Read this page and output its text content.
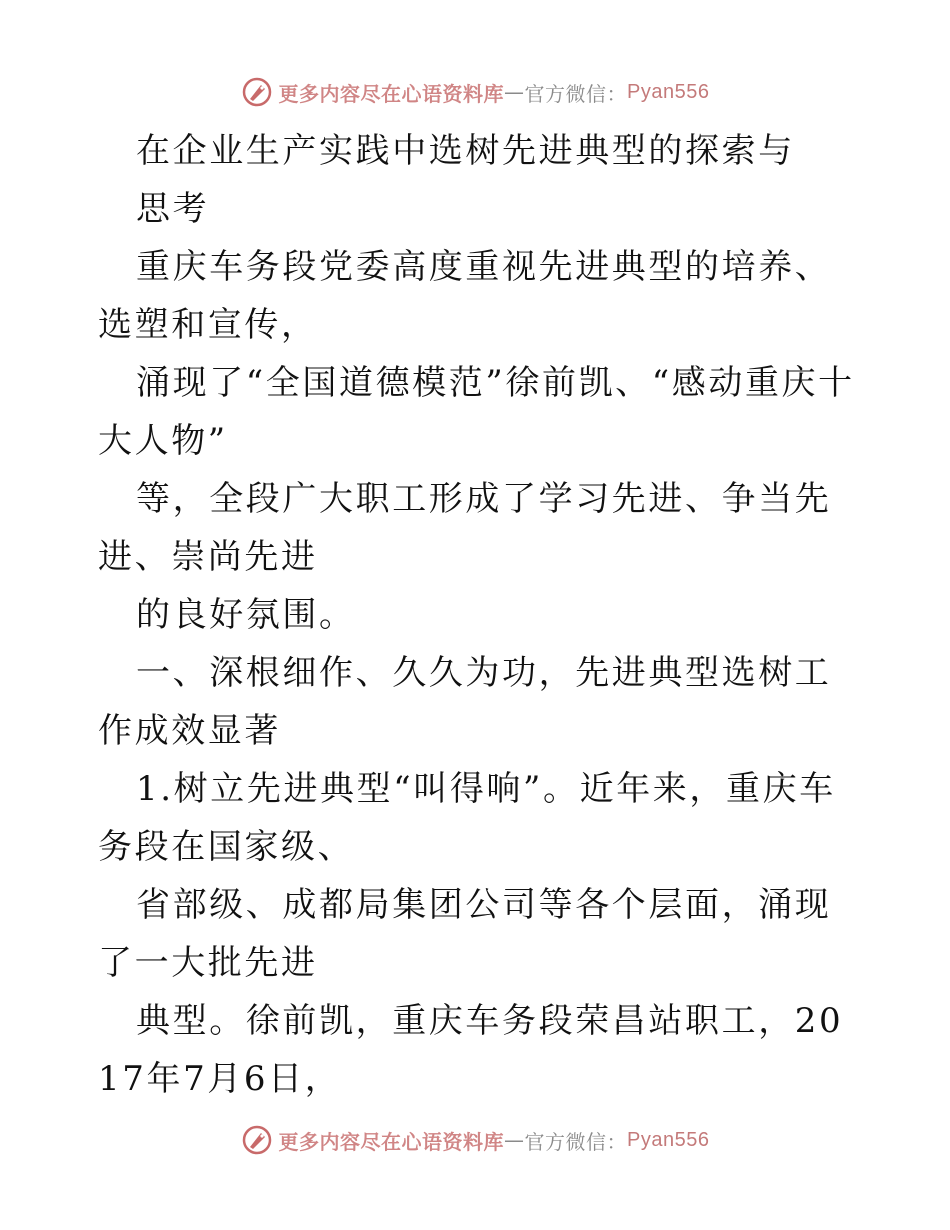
更多内容尽在心语资料库 — 官方微信： Pyan556

在企业生产实践中选树先进典型的探索与

思考

重庆车务段党委高度重视先进典型的培养、选塑和宣传，

涌现了“全国道德模范”徐前凯、“感动重庆十大人物”

等，全段广大职工形成了学习先进、争当先进、崇尚先进

的良好氛围。

一、深根细作、久久为功，先进典型选树工作成效显著

1.树立先进典型“叫得响”。近年来，重庆车务段在国家级、

省部级、成都局集团公司等各个层面，涌现了一大批先进

典型。徐前凯，重庆车务段荣昌站职工，2017年7月6日，

更多内容尽在心语资料库 — 官方微信： Pyan556
